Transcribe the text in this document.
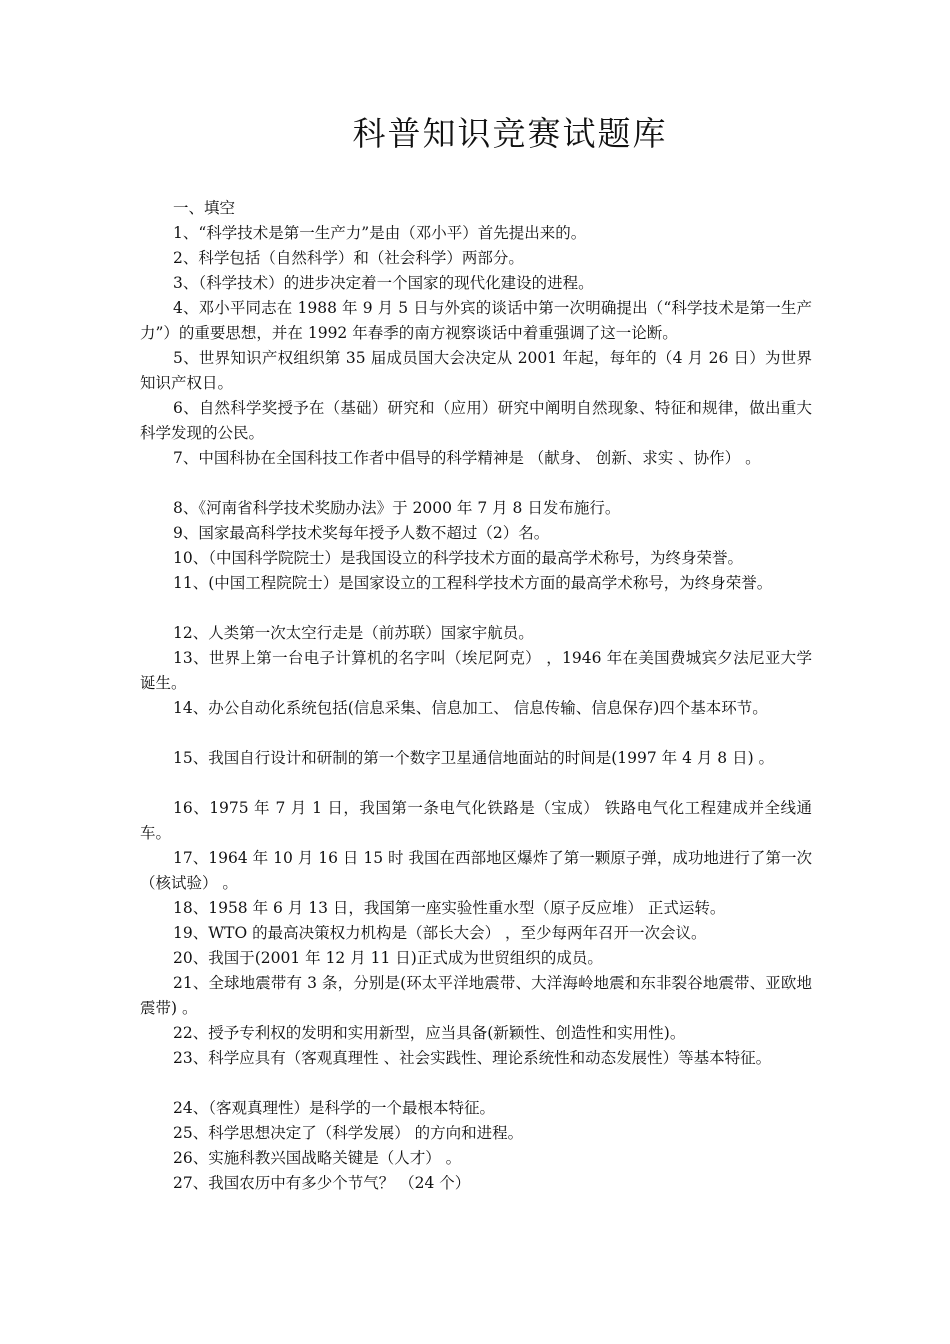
科普知识竞赛试题库

一、填空

1、“科学技术是第一生产力”是由（邓小平）首先提出来的。

2、科学包括（自然科学）和（社会科学）两部分。

3、（科学技术）的进步决定着一个国家的现代化建设的进程。

4、邓小平同志在 1988 年 9 月 5 日与外宾的谈话中第一次明确提出（“科学技术是第一生产力”）的重要思想，并在 1992 年春季的南方视察谈话中着重强调了这一论断。

5、世界知识产权组织第 35 届成员国大会决定从 2001 年起，每年的（4 月 26 日）为世界知识产权日。

6、自然科学奖授予在（基础）研究和（应用）研究中阐明自然现象、特征和规律，做出重大科学发现的公民。

7、中国科协在全国科技工作者中倡导的科学精神是 （献身、 创新、求实 、协作） 。

8、《河南省科学技术奖励办法》于 2000 年 7 月 8 日发布施行。

9、国家最高科学技术奖每年授予人数不超过（2）名。

10、（中国科学院院士）是我国设立的科学技术方面的最高学术称号，为终身荣誉。

11、(中国工程院院士）是国家设立的工程科学技术方面的最高学术称号，为终身荣誉。

12、人类第一次太空行走是（前苏联）国家宇航员。

13、世界上第一台电子计算机的名字叫（埃尼阿克） ，1946 年在美国费城宾夕法尼亚大学诞生。

14、办公自动化系统包括(信息采集、信息加工、 信息传输、信息保存)四个基本环节。

15、我国自行设计和研制的第一个数字卫星通信地面站的时间是(1997 年 4 月 8 日) 。

16、1975 年 7 月 1 日，我国第一条电气化铁路是（宝成） 铁路电气化工程建成并全线通车。

17、1964 年 10 月 16 日 15 时 我国在西部地区爆炸了第一颗原子弹，成功地进行了第一次（核试验） 。

18、1958 年 6 月 13 日，我国第一座实验性重水型（原子反应堆） 正式运转。

19、WTO 的最高决策权力机构是（部长大会） ，至少每两年召开一次会议。

20、我国于(2001 年 12 月 11 日)正式成为世贸组织的成员。

21、全球地震带有 3 条，分别是(环太平洋地震带、大洋海岭地震和东非裂谷地震带、亚欧地震带) 。

22、授予专利权的发明和实用新型，应当具备(新颖性、创造性和实用性)。

23、科学应具有（客观真理性 、社会实践性、理论系统性和动态发展性）等基本特征。

24、（客观真理性）是科学的一个最根本特征。

25、科学思想决定了（科学发展） 的方向和进程。

26、实施科教兴国战略关键是（人才） 。

27、我国农历中有多少个节气？ （24 个）
